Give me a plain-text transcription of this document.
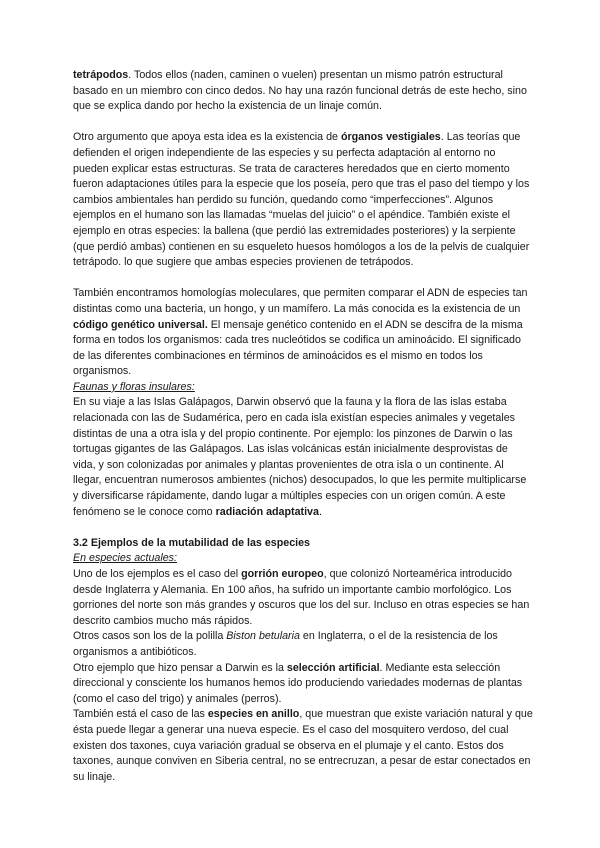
tetrápodos. Todos ellos (naden, caminen o vuelen) presentan un mismo patrón estructural basado en un miembro con cinco dedos. No hay una razón funcional detrás de este hecho, sino que se explica dando por hecho la existencia de un linaje común.

Otro argumento que apoya esta idea es la existencia de órganos vestigiales. Las teorías que defienden el origen independiente de las especies y su perfecta adaptación al entorno no pueden explicar estas estructuras. Se trata de caracteres heredados que en cierto momento fueron adaptaciones útiles para la especie que los poseía, pero que tras el paso del tiempo y los cambios ambientales han perdido su función, quedando como “imperfecciones”. Algunos ejemplos en el humano son las llamadas “muelas del juicio” o el apéndice. También existe el ejemplo en otras especies: la ballena (que perdió las extremidades posteriores) y la serpiente (que perdió ambas) contienen en su esqueleto huesos homólogos a los de la pelvis de cualquier tetrápodo. lo que sugiere que ambas especies provienen de tetrápodos.

También encontramos homologías moleculares, que permiten comparar el ADN de especies tan distintas como una bacteria, un hongo, y un mamífero. La más conocida es la existencia de un código genético universal. El mensaje genético contenido en el ADN se descifra de la misma forma en todos los organismos: cada tres nucleótidos se codifica un aminoácido. El significado de las diferentes combinaciones en términos de aminoácidos es el mismo en todos los organismos.

Faunas y floras insulares:

En su viaje a las Islas Galápagos, Darwin observó que la fauna y la flora de las islas estaba relacionada con las de Sudamérica, pero en cada isla existían especies animales y vegetales distintas de una a otra isla y del propio continente. Por ejemplo: los pinzones de Darwin o las tortugas gigantes de las Galápagos. Las islas volcánicas están inicialmente desprovistas de vida, y son colonizadas por animales y plantas provenientes de otra isla o un continente. Al llegar, encuentran numerosos ambientes (nichos) desocupados, lo que les permite multiplicarse y diversificarse rápidamente, dando lugar a múltiples especies con un origen común. A este fenómeno se le conoce como radiación adaptativa.

3.2 Ejemplos de la mutabilidad de las especies

En especies actuales:

Uno de los ejemplos es el caso del gorrión europeo, que colonizó Norteamérica introducido desde Inglaterra y Alemania. En 100 años, ha sufrido un importante cambio morfológico. Los gorriones del norte son más grandes y oscuros que los del sur. Incluso en otras especies se han descrito cambios mucho más rápidos.

Otros casos son los de la polilla Biston betularia en Inglaterra, o el de la resistencia de los organismos a antibióticos.

Otro ejemplo que hizo pensar a Darwin es la selección artificial. Mediante esta selección direccional y consciente los humanos hemos ido produciendo variedades modernas de plantas (como el caso del trigo) y animales (perros).

También está el caso de las especies en anillo, que muestran que existe variación natural y que ésta puede llegar a generar una nueva especie. Es el caso del mosquitero verdoso, del cual existen dos taxones, cuya variación gradual se observa en el plumaje y el canto. Estos dos taxones, aunque conviven en Siberia central, no se entrecruzan, a pesar de estar conectados en su linaje.
